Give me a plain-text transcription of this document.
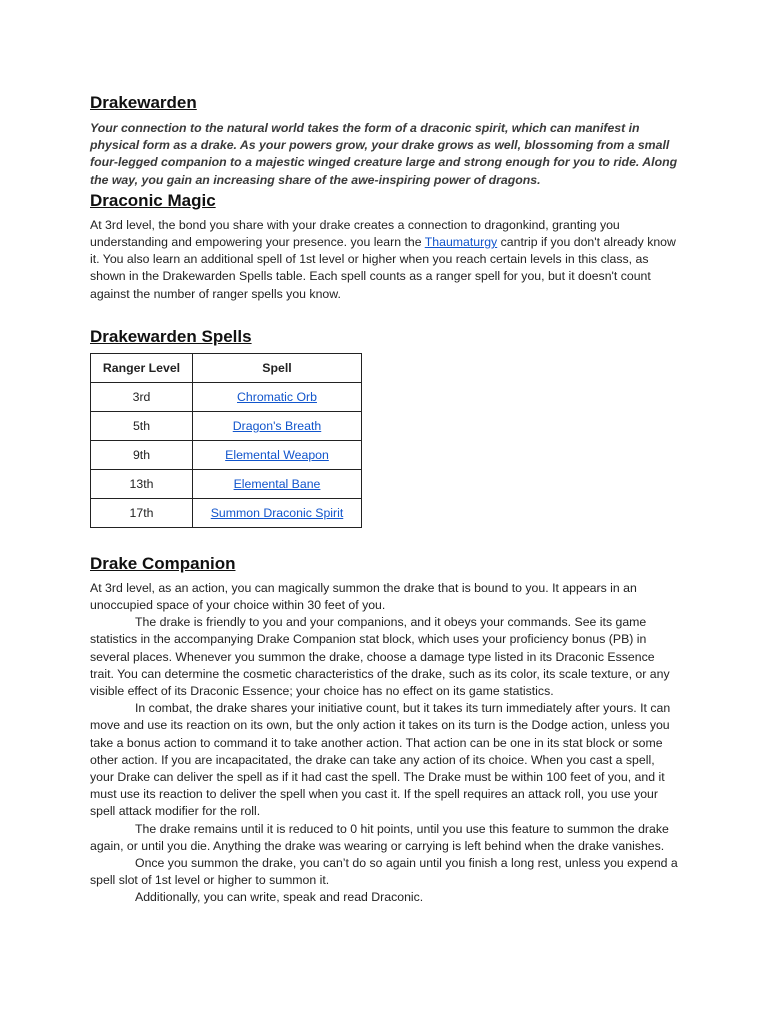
Drakewarden

Your connection to the natural world takes the form of a draconic spirit, which can manifest in physical form as a drake. As your powers grow, your drake grows as well, blossoming from a small four-legged companion to a majestic winged creature large and strong enough for you to ride. Along the way, you gain an increasing share of the awe-inspiring power of dragons.

Draconic Magic

At 3rd level, the bond you share with your drake creates a connection to dragonkind, granting you understanding and empowering your presence. you learn the Thaumaturgy cantrip if you don't already know it. You also learn an additional spell of 1st level or higher when you reach certain levels in this class, as shown in the Drakewarden Spells table. Each spell counts as a ranger spell for you, but it doesn't count against the number of ranger spells you know.

Drakewarden Spells
Ranger Level	Spell
3rd	Chromatic Orb
5th	Dragon's Breath
9th	Elemental Weapon
13th	Elemental Bane
17th	Summon Draconic Spirit
Drake Companion

At 3rd level, as an action, you can magically summon the drake that is bound to you. It appears in an unoccupied space of your choice within 30 feet of you.

The drake is friendly to you and your companions, and it obeys your commands. See its game statistics in the accompanying Drake Companion stat block, which uses your proficiency bonus (PB) in several places. Whenever you summon the drake, choose a damage type listed in its Draconic Essence trait. You can determine the cosmetic characteristics of the drake, such as its color, its scale texture, or any visible effect of its Draconic Essence; your choice has no effect on its game statistics.

In combat, the drake shares your initiative count, but it takes its turn immediately after yours. It can move and use its reaction on its own, but the only action it takes on its turn is the Dodge action, unless you take a bonus action to command it to take another action. That action can be one in its stat block or some other action. If you are incapacitated, the drake can take any action of its choice. When you cast a spell, your Drake can deliver the spell as if it had cast the spell. The Drake must be within 100 feet of you, and it must use its reaction to deliver the spell when you cast it. If the spell requires an attack roll, you use your spell attack modifier for the roll.

The drake remains until it is reduced to 0 hit points, until you use this feature to summon the drake again, or until you die. Anything the drake was wearing or carrying is left behind when the drake vanishes.

Once you summon the drake, you can’t do so again until you finish a long rest, unless you expend a spell slot of 1st level or higher to summon it.

Additionally, you can write, speak and read Draconic.
